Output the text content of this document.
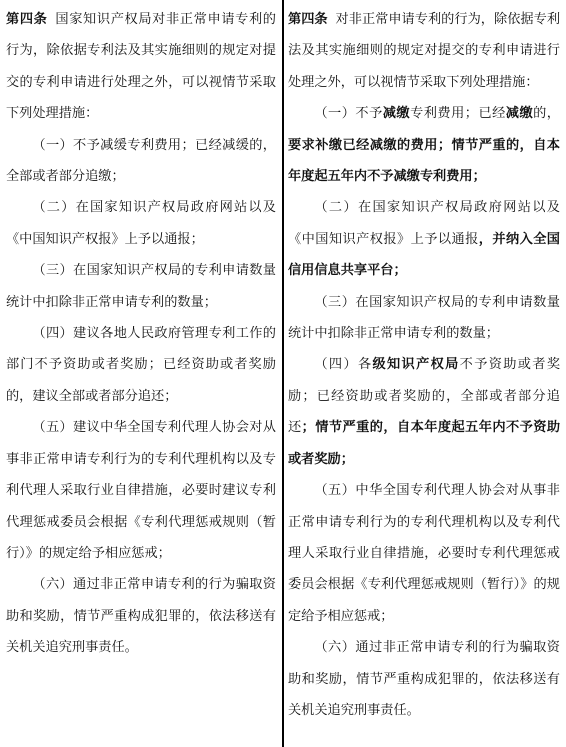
第四条 国家知识产权局对非正常申请专利的行为，除依据专利法及其实施细则的规定对提交的专利申请进行处理之外，可以视情节采取下列处理措施：

（一）不予减缓专利费用；已经减缓的，全部或者部分追缴；

（二）在国家知识产权局政府网站以及《中国知识产权报》上予以通报；

（三）在国家知识产权局的专利申请数量统计中扣除非正常申请专利的数量；

（四）建议各地人民政府管理专利工作的部门不予资助或者奖励；已经资助或者奖励的，建议全部或者部分追还；

（五）建议中华全国专利代理人协会对从事非正常申请专利行为的专利代理机构以及专利代理人采取行业自律措施，必要时建议专利代理惩戒委员会根据《专利代理惩戒规则（暂行）》的规定给予相应惩戒；

（六）通过非正常申请专利的行为骗取资助和奖励，情节严重构成犯罪的，依法移送有关机关追究刑事责任。

第四条 对非正常申请专利的行为，除依据专利法及其实施细则的规定对提交的专利申请进行处理之外，可以视情节采取下列处理措施：

（一）不予减缴专利费用；已经减缴的，要求补缴已经减缴的费用；情节严重的，自本年度起五年内不予减缴专利费用；

（二）在国家知识产权局政府网站以及《中国知识产权报》上予以通报，并纳入全国信用信息共享平台；

（三）在国家知识产权局的专利申请数量统计中扣除非正常申请专利的数量；

（四）各级知识产权局不予资助或者奖励；已经资助或者奖励的，全部或者部分追还；情节严重的，自本年度起五年内不予资助或者奖励；

（五）中华全国专利代理人协会对从事非正常申请专利行为的专利代理机构以及专利代理人采取行业自律措施，必要时专利代理惩戒委员会根据《专利代理惩戒规则（暂行）》的规定给予相应惩戒；

（六）通过非正常申请专利的行为骗取资助和奖励，情节严重构成犯罪的，依法移送有关机关追究刑事责任。
